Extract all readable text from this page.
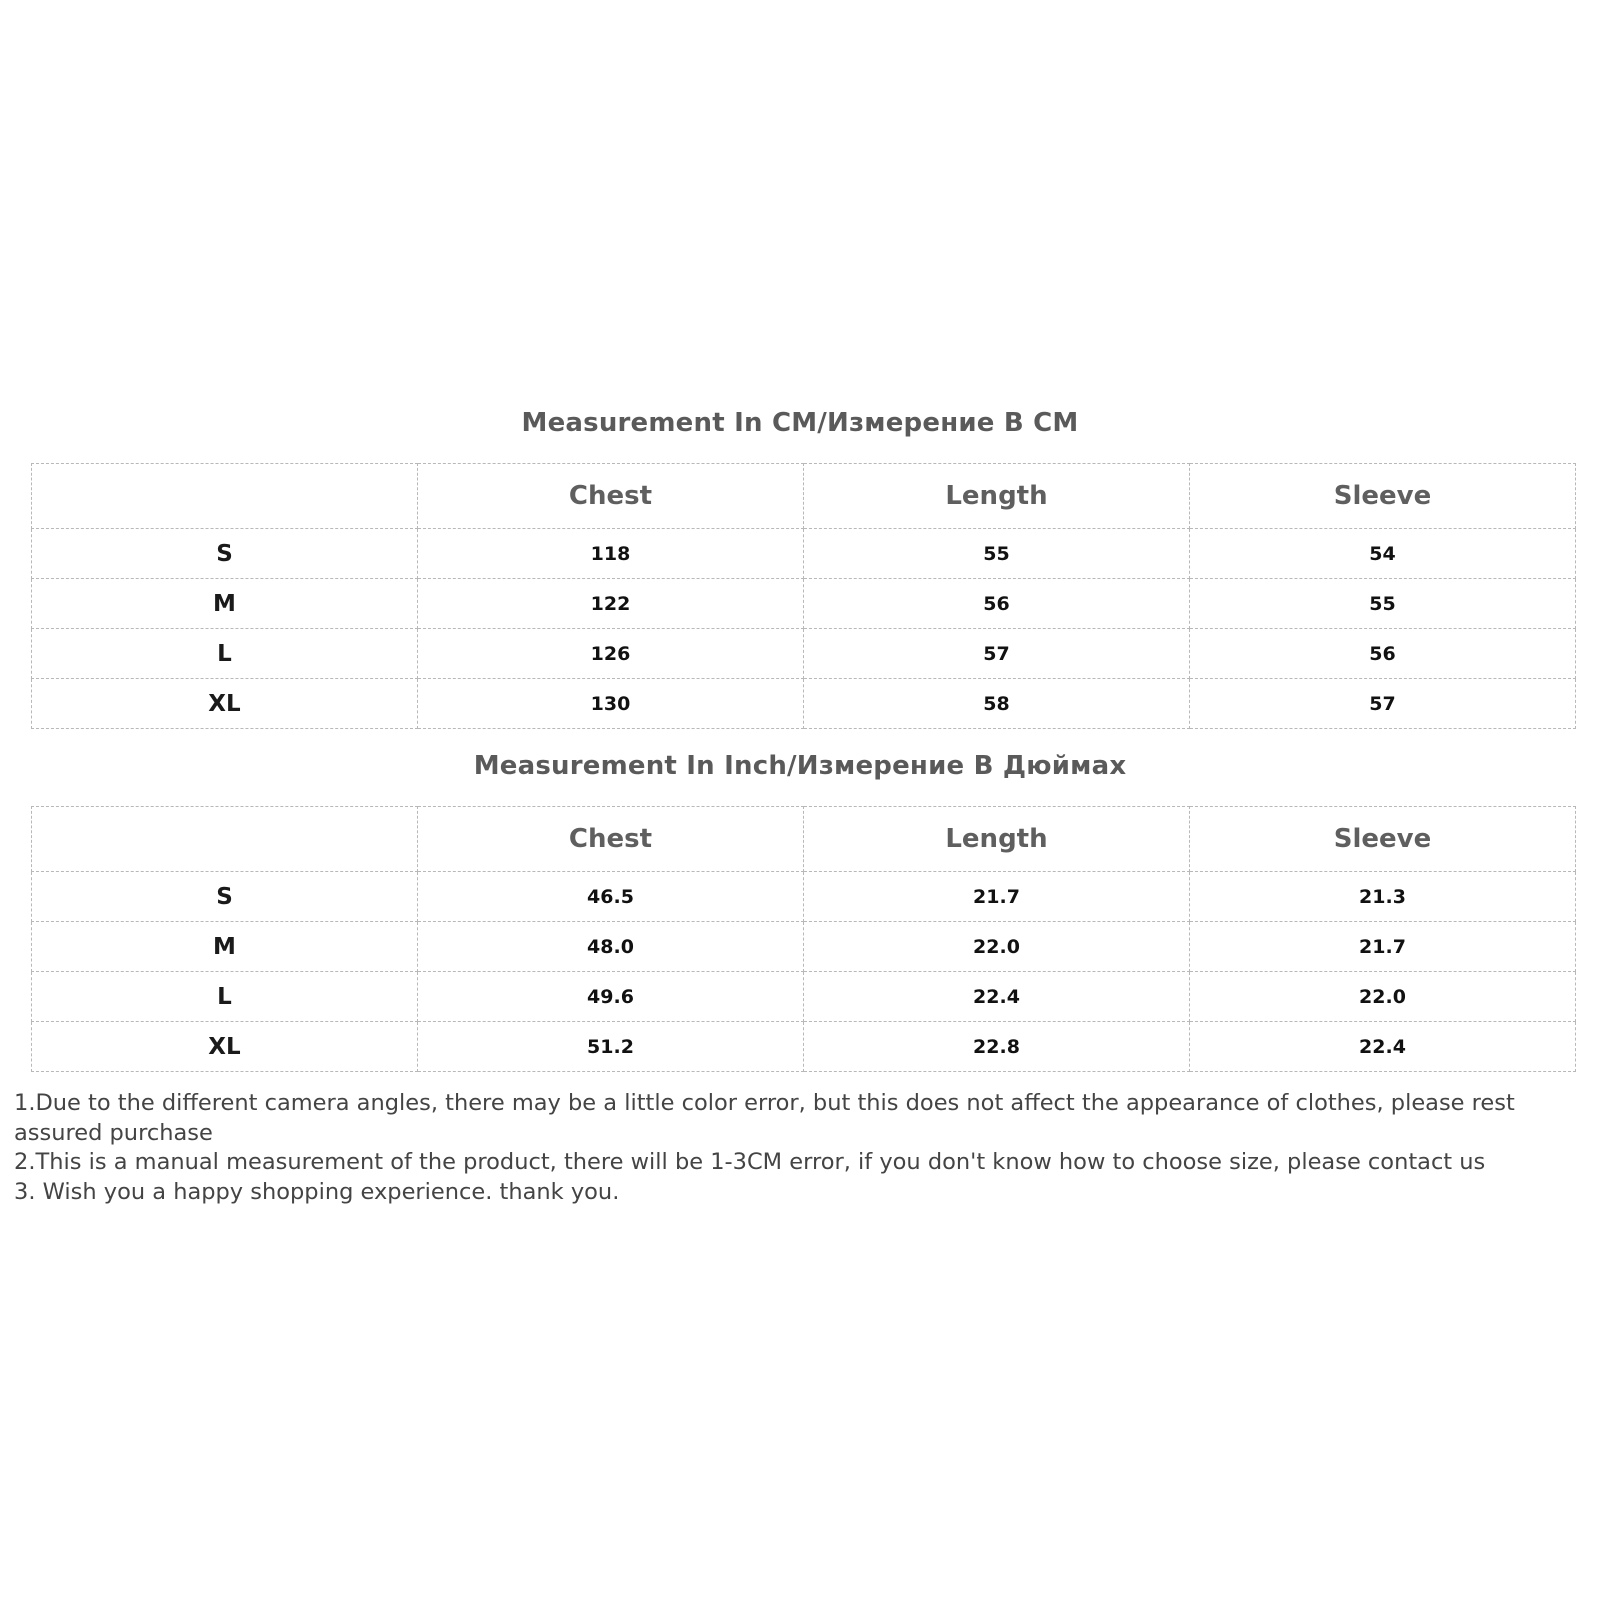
Measurement In CM/Измерение В CM
	Chest	Length	Sleeve
S	118	55	54
M	122	56	55
L	126	57	56
XL	130	58	57
Measurement In Inch/Измерение В Дюймах
	Chest	Length	Sleeve
S	46.5	21.7	21.3
M	48.0	22.0	21.7
L	49.6	22.4	22.0
XL	51.2	22.8	22.4

1.Due to the different camera angles, there may be a little color error, but this does not affect the appearance of clothes, please rest assured purchase

2.This is a manual measurement of the product, there will be 1-3CM error, if you don't know how to choose size, please contact us

3. Wish you a happy shopping experience. thank you.
